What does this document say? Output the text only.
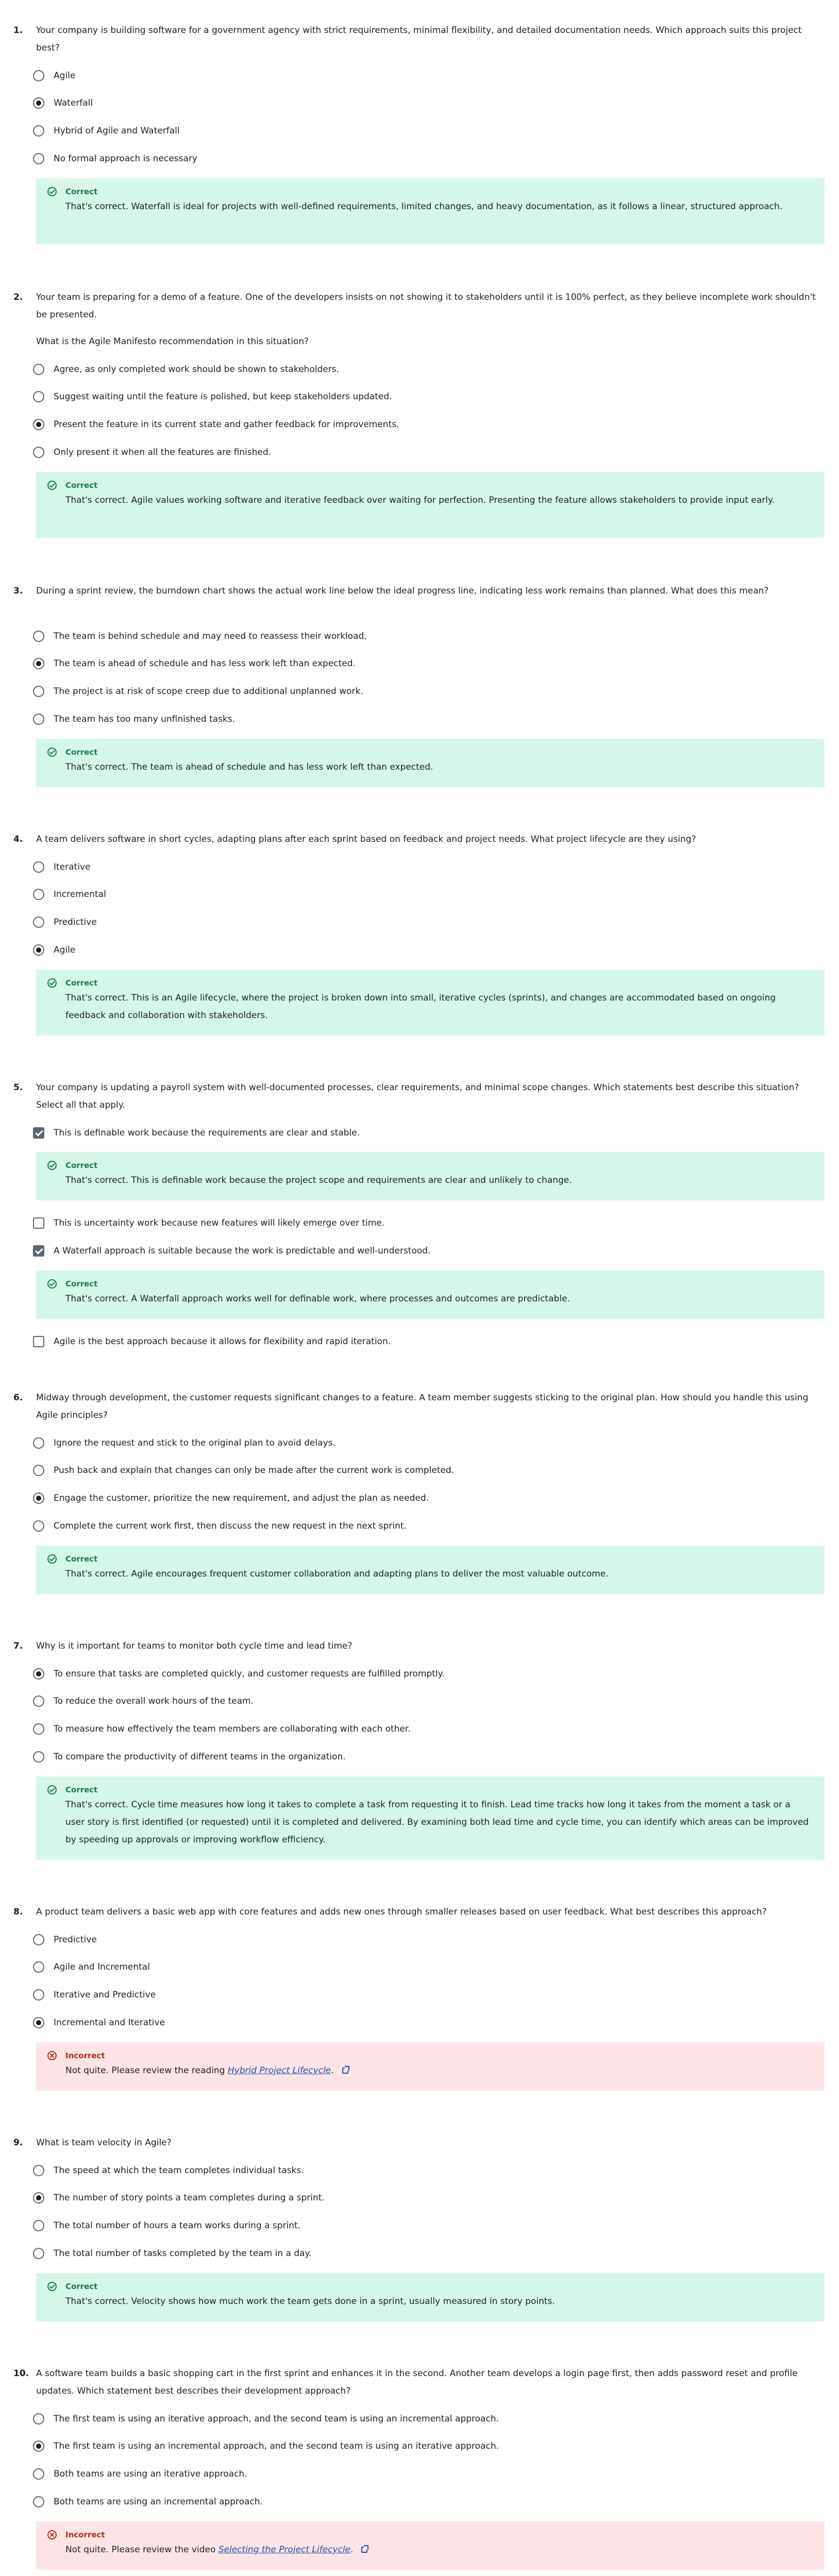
1. Your company is building software for a government agency with strict requirements, minimal flexibility, and detailed documentation needs. Which approach suits this project best?

Agile
Waterfall
Hybrid of Agile and Waterfall
No formal approach is necessary
Correct
That's correct. Waterfall is ideal for projects with well-defined requirements, limited changes, and heavy documentation, as it follows a linear, structured approach.
2. Your team is preparing for a demo of a feature. One of the developers insists on not showing it to stakeholders until it is 100% perfect, as they believe incomplete work shouldn't be presented.

What is the Agile Manifesto recommendation in this situation?

Agree, as only completed work should be shown to stakeholders.
Suggest waiting until the feature is polished, but keep stakeholders updated.
Present the feature in its current state and gather feedback for improvements.
Only present it when all the features are finished.
Correct
That's correct. Agile values working software and iterative feedback over waiting for perfection. Presenting the feature allows stakeholders to provide input early.
3. During a sprint review, the burndown chart shows the actual work line below the ideal progress line, indicating less work remains than planned. What does this mean?

The team is behind schedule and may need to reassess their workload.
The team is ahead of schedule and has less work left than expected.
The project is at risk of scope creep due to additional unplanned work.
The team has too many unfinished tasks.
Correct
That's correct. The team is ahead of schedule and has less work left than expected.
4. A team delivers software in short cycles, adapting plans after each sprint based on feedback and project needs. What project lifecycle are they using?

Iterative
Incremental
Predictive
Agile
Correct
That's correct. This is an Agile lifecycle, where the project is broken down into small, iterative cycles (sprints), and changes are accommodated based on ongoing feedback and collaboration with stakeholders.
5. Your company is updating a payroll system with well-documented processes, clear requirements, and minimal scope changes. Which statements best describe this situation? Select all that apply.

This is definable work because the requirements are clear and stable.
Correct
That's correct. This is definable work because the project scope and requirements are clear and unlikely to change.
This is uncertainty work because new features will likely emerge over time.
A Waterfall approach is suitable because the work is predictable and well-understood.
Correct
That's correct. A Waterfall approach works well for definable work, where processes and outcomes are predictable.
Agile is the best approach because it allows for flexibility and rapid iteration.
6. Midway through development, the customer requests significant changes to a feature. A team member suggests sticking to the original plan. How should you handle this using Agile principles?

Ignore the request and stick to the original plan to avoid delays.
Push back and explain that changes can only be made after the current work is completed.
Engage the customer, prioritize the new requirement, and adjust the plan as needed.
Complete the current work first, then discuss the new request in the next sprint.
Correct
That's correct. Agile encourages frequent customer collaboration and adapting plans to deliver the most valuable outcome.
7. Why is it important for teams to monitor both cycle time and lead time?

To ensure that tasks are completed quickly, and customer requests are fulfilled promptly.
To reduce the overall work hours of the team.
To measure how effectively the team members are collaborating with each other.
To compare the productivity of different teams in the organization.
Correct
That's correct. Cycle time measures how long it takes to complete a task from requesting it to finish. Lead time tracks how long it takes from the moment a task or a user story is first identified (or requested) until it is completed and delivered. By examining both lead time and cycle time, you can identify which areas can be improved by speeding up approvals or improving workflow efficiency.
8. A product team delivers a basic web app with core features and adds new ones through smaller releases based on user feedback. What best describes this approach?

Predictive
Agile and Incremental
Iterative and Predictive
Incremental and Iterative
Incorrect
Not quite. Please review the reading Hybrid Project Lifecycle.
9. What is team velocity in Agile?

The speed at which the team completes individual tasks.
The number of story points a team completes during a sprint.
The total number of hours a team works during a sprint.
The total number of tasks completed by the team in a day.
Correct
That's correct. Velocity shows how much work the team gets done in a sprint, usually measured in story points.
10. A software team builds a basic shopping cart in the first sprint and enhances it in the second. Another team develops a login page first, then adds password reset and profile updates. Which statement best describes their development approach?

The first team is using an iterative approach, and the second team is using an incremental approach.
The first team is using an incremental approach, and the second team is using an iterative approach.
Both teams are using an iterative approach.
Both teams are using an incremental approach.
Incorrect
Not quite. Please review the video Selecting the Project Lifecycle.
